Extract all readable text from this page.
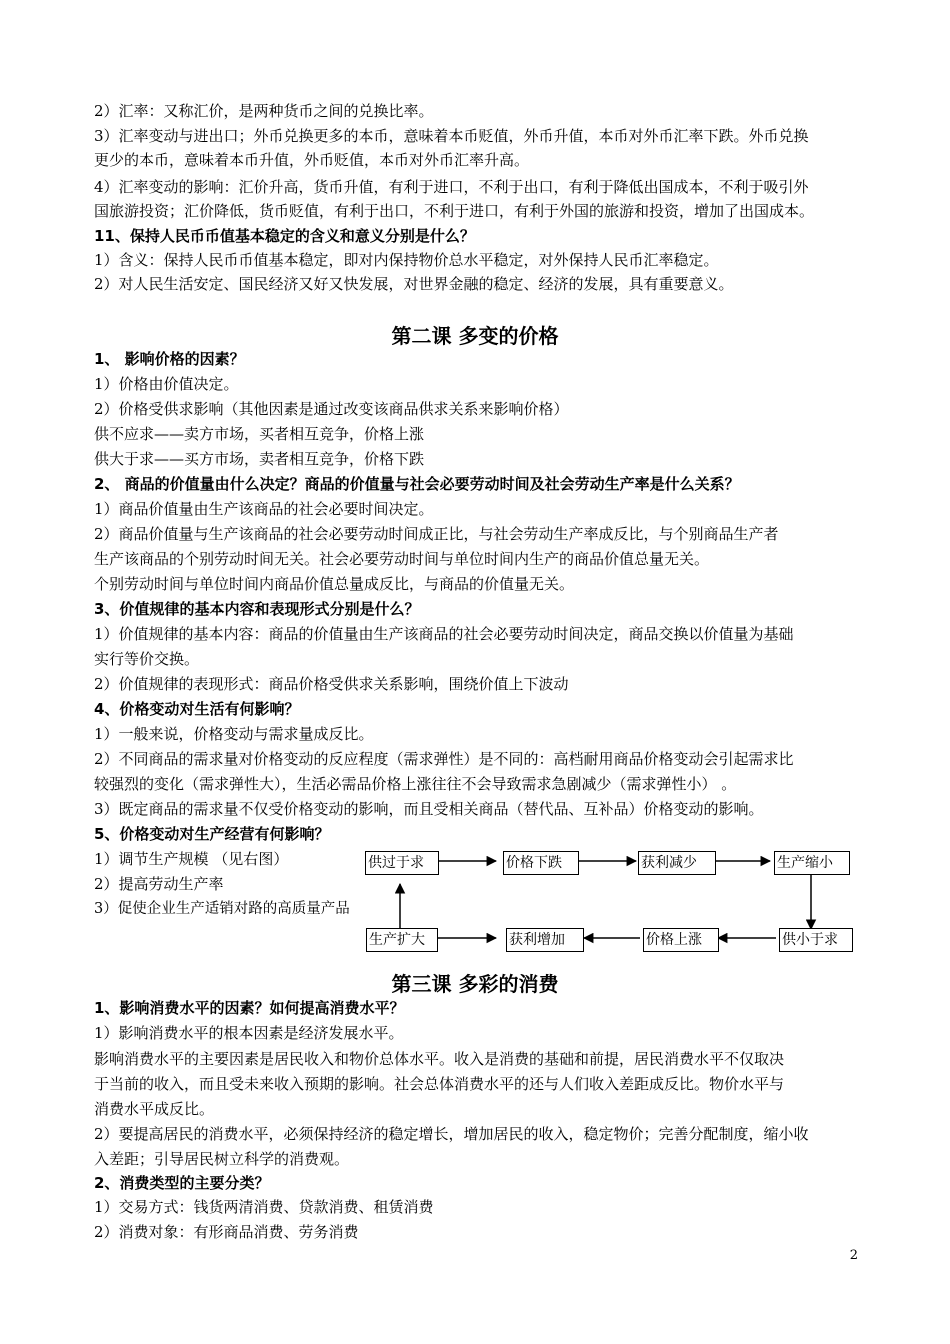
2）汇率：又称汇价，是两种货币之间的兑换比率。
3）汇率变动与进出口；外币兑换更多的本币，意味着本币贬值，外币升值，本币对外币汇率下跌。外币兑换
更少的本币，意味着本币升值，外币贬值，本币对外币汇率升高。
4）汇率变动的影响：汇价升高，货币升值，有利于进口，不利于出口，有利于降低出国成本，不利于吸引外
国旅游投资；汇价降低，货币贬值，有利于出口，不利于进口，有利于外国的旅游和投资，增加了出国成本。
11、保持人民币币值基本稳定的含义和意义分别是什么？
1）含义：保持人民币币值基本稳定，即对内保持物价总水平稳定，对外保持人民币汇率稳定。
2）对人民生活安定、国民经济又好又快发展，对世界金融的稳定、经济的发展，具有重要意义。
第二课 多变的价格
1、 影响价格的因素？
1）价格由价值决定。
2）价格受供求影响（其他因素是通过改变该商品供求关系来影响价格）
供不应求——卖方市场，买者相互竞争，价格上涨
供大于求——买方市场，卖者相互竞争，价格下跌
2、 商品的价值量由什么决定？商品的价值量与社会必要劳动时间及社会劳动生产率是什么关系？
1）商品价值量由生产该商品的社会必要时间决定。
2）商品价值量与生产该商品的社会必要劳动时间成正比，与社会劳动生产率成反比，与个别商品生产者
生产该商品的个别劳动时间无关。社会必要劳动时间与单位时间内生产的商品价值总量无关。
个别劳动时间与单位时间内商品价值总量成反比，与商品的价值量无关。
3、价值规律的基本内容和表现形式分别是什么？
1）价值规律的基本内容：商品的价值量由生产该商品的社会必要劳动时间决定，商品交换以价值量为基础
实行等价交换。
2）价值规律的表现形式：商品价格受供求关系影响，围绕价值上下波动
4、价格变动对生活有何影响？
1）一般来说，价格变动与需求量成反比。
2）不同商品的需求量对价格变动的反应程度（需求弹性）是不同的：高档耐用商品价格变动会引起需求比
较强烈的变化（需求弹性大），生活必需品价格上涨往往不会导致需求急剧减少（需求弹性小） 。
3）既定商品的需求量不仅受价格变动的影响，而且受相关商品（替代品、互补品）价格变动的影响。
5、价格变动对生产经营有何影响？
1）调节生产规模 （见右图）
2）提高劳动生产率
3）促使企业生产适销对路的高质量产品
供过于求	价格下跌	获利减少	生产缩小
生产扩大	获利增加	价格上涨	供小于求
第三课 多彩的消费
1、影响消费水平的因素？如何提高消费水平？
1）影响消费水平的根本因素是经济发展水平。
影响消费水平的主要因素是居民收入和物价总体水平。收入是消费的基础和前提，居民消费水平不仅取决
于当前的收入，而且受未来收入预期的影响。社会总体消费水平的还与人们收入差距成反比。物价水平与
消费水平成反比。
2）要提高居民的消费水平，必须保持经济的稳定增长，增加居民的收入，稳定物价；完善分配制度，缩小收
入差距；引导居民树立科学的消费观。
2、消费类型的主要分类？
1）交易方式：钱货两清消费、贷款消费、租赁消费
2）消费对象：有形商品消费、劳务消费
2
